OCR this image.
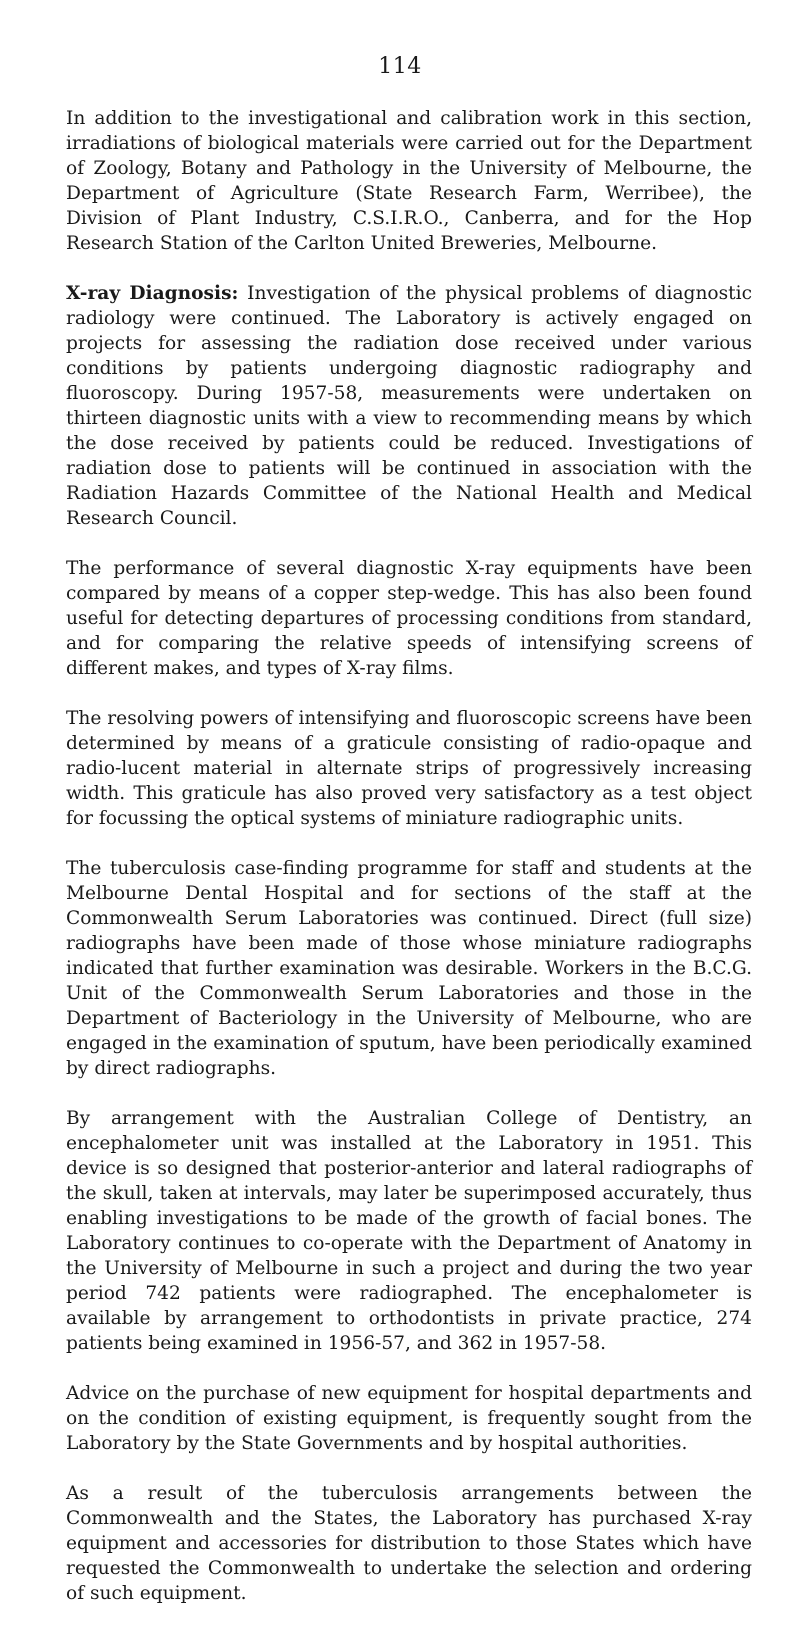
114

In addition to the investigational and calibration work in this section, irradiations of biological materials were carried out for the Department of Zoology, Botany and Pathology in the University of Melbourne, the Department of Agriculture (State Research Farm, Werribee), the Division of Plant Industry, C.S.I.R.O., Canberra, and for the Hop Research Station of the Carlton United Breweries, Melbourne.

X-ray Diagnosis: Investigation of the physical problems of diagnostic radiology were continued. The Laboratory is actively engaged on projects for assessing the radiation dose received under various conditions by patients undergoing diagnostic radiography and fluoroscopy. During 1957-58, measurements were undertaken on thirteen diagnostic units with a view to recommending means by which the dose received by patients could be reduced. Investigations of radiation dose to patients will be continued in association with the Radiation Hazards Committee of the National Health and Medical Research Council.

The performance of several diagnostic X-ray equipments have been compared by means of a copper step-wedge. This has also been found useful for detecting departures of processing conditions from standard, and for comparing the relative speeds of intensifying screens of different makes, and types of X-ray films.

The resolving powers of intensifying and fluoroscopic screens have been determined by means of a graticule consisting of radio-opaque and radio-lucent material in alternate strips of progressively increasing width. This graticule has also proved very satisfactory as a test object for focussing the optical systems of miniature radiographic units.

The tuberculosis case-finding programme for staff and students at the Melbourne Dental Hospital and for sections of the staff at the Commonwealth Serum Laboratories was continued. Direct (full size) radiographs have been made of those whose miniature radiographs indicated that further examination was desirable. Workers in the B.C.G. Unit of the Commonwealth Serum Laboratories and those in the Department of Bacteriology in the University of Melbourne, who are engaged in the examination of sputum, have been periodically examined by direct radiographs.

By arrangement with the Australian College of Dentistry, an encephalometer unit was installed at the Laboratory in 1951. This device is so designed that posterior-anterior and lateral radiographs of the skull, taken at intervals, may later be superimposed accurately, thus enabling investigations to be made of the growth of facial bones. The Laboratory continues to co-operate with the Department of Anatomy in the University of Melbourne in such a project and during the two year period 742 patients were radiographed. The encephalometer is available by arrangement to orthodontists in private practice, 274 patients being examined in 1956-57, and 362 in 1957-58.

Advice on the purchase of new equipment for hospital departments and on the condition of existing equipment, is frequently sought from the Laboratory by the State Governments and by hospital authorities.

As a result of the tuberculosis arrangements between the Commonwealth and the States, the Laboratory has purchased X-ray equipment and accessories for distribution to those States which have requested the Commonwealth to undertake the selection and ordering of such equipment.
